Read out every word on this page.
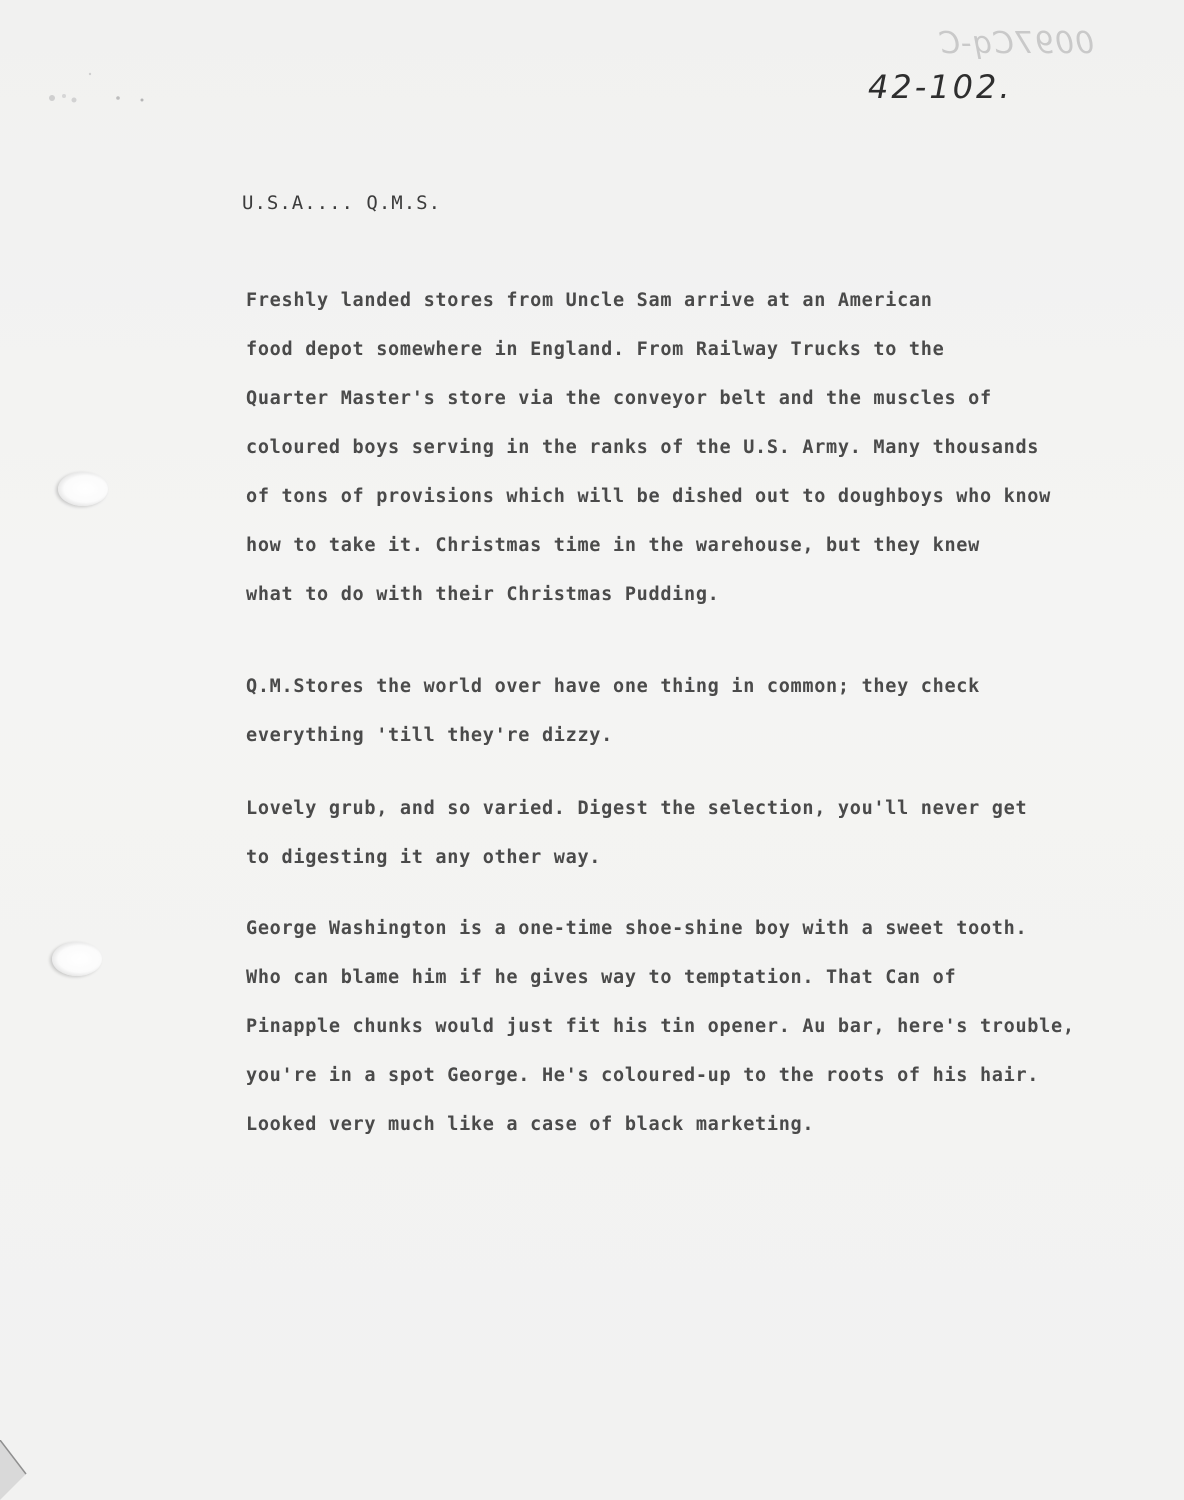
0097Cq-C
42-102.
U.S.A.... Q.M.S.
Freshly landed stores from Uncle Sam arrive at an American
food depot somewhere in England. From Railway Trucks to the
Quarter Master's store via the conveyor belt and the muscles of
coloured boys serving in the ranks of the U.S. Army. Many thousands
of tons of provisions which will be dished out to doughboys who know
how to take it. Christmas time in the warehouse, but they knew
what to do with their Christmas Pudding.
Q.M.Stores the world over have one thing in common; they check
everything 'till they're dizzy.
Lovely grub, and so varied. Digest the selection, you'll never get
to digesting it any other way.
George Washington is a one-time shoe-shine boy with a sweet tooth.
Who can blame him if he gives way to temptation. That Can of
Pinapple chunks would just fit his tin opener. Au bar, here's trouble,
you're in a spot George. He's coloured-up to the roots of his hair.
Looked very much like a case of black marketing.
